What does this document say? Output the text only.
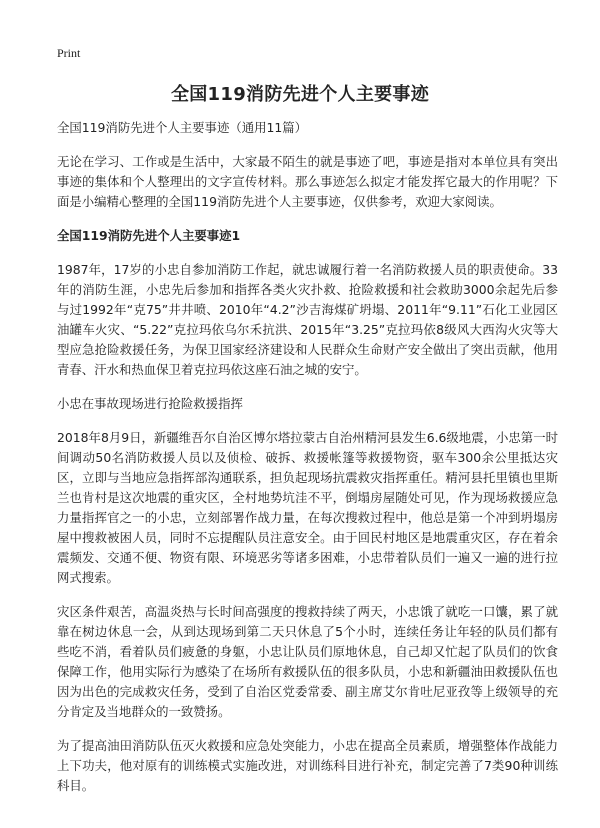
Print
全国119消防先进个人主要事迹

全国119消防先进个人主要事迹（通用11篇）

无论在学习、工作或是生活中，大家最不陌生的就是事迹了吧，事迹是指对本单位具有突出事迹的集体和个人整理出的文字宣传材料。那么事迹怎么拟定才能发挥它最大的作用呢？下面是小编精心整理的全国119消防先进个人主要事迹，仅供参考，欢迎大家阅读。

全国119消防先进个人主要事迹1

1987年，17岁的小忠自参加消防工作起，就忠诚履行着一名消防救援人员的职责使命。33年的消防生涯，小忠先后参加和指挥各类火灾扑救、抢险救援和社会救助3000余起先后参与过1992年“克75”井井喷、2010年“4.2”沙吉海煤矿坍塌、2011年“9.11”石化工业园区油罐车火灾、“5.22”克拉玛依乌尔禾抗洪、2015年“3.25”克拉玛依8级风大西沟火灾等大型应急抢险救援任务，为保卫国家经济建设和人民群众生命财产安全做出了突出贡献，他用青春、汗水和热血保卫着克拉玛依这座石油之城的安宁。

小忠在事故现场进行抢险救援指挥

2018年8月9日，新疆维吾尔自治区博尔塔拉蒙古自治州精河县发生6.6级地震，小忠第一时间调动50名消防救援人员以及侦检、破拆、救援帐篷等救援物资，驱车300余公里抵达灾区，立即与当地应急指挥部沟通联系，担负起现场抗震救灾指挥重任。精河县托里镇也里斯兰也肯村是这次地震的重灾区，全村地势坑洼不平，倒塌房屋随处可见，作为现场救援应急力量指挥官之一的小忠，立刻部署作战力量，在每次搜救过程中，他总是第一个冲到坍塌房屋中搜救被困人员，同时不忘提醒队员注意安全。由于回民村地区是地震重灾区，存在着余震频发、交通不便、物资有限、环境恶劣等诸多困难，小忠带着队员们一遍又一遍的进行拉网式搜索。

灾区条件艰苦，高温炎热与长时间高强度的搜救持续了两天，小忠饿了就吃一口馕，累了就靠在树边休息一会，从到达现场到第二天只休息了5个小时，连续任务让年轻的队员们都有些吃不消，看着队员们疲惫的身躯，小忠让队员们原地休息，自己却又忙起了队员们的饮食保障工作，他用实际行为感染了在场所有救援队伍的很多队员，小忠和新疆油田救援队伍也因为出色的完成救灾任务，受到了自治区党委常委、副主席艾尔肯吐尼亚孜等上级领导的充分肯定及当地群众的一致赞扬。

为了提高油田消防队伍灭火救援和应急处突能力，小忠在提高全员素质，增强整体作战能力上下功夫，他对原有的训练模式实施改进，对训练科目进行补充，制定完善了7类90种训练科目。
